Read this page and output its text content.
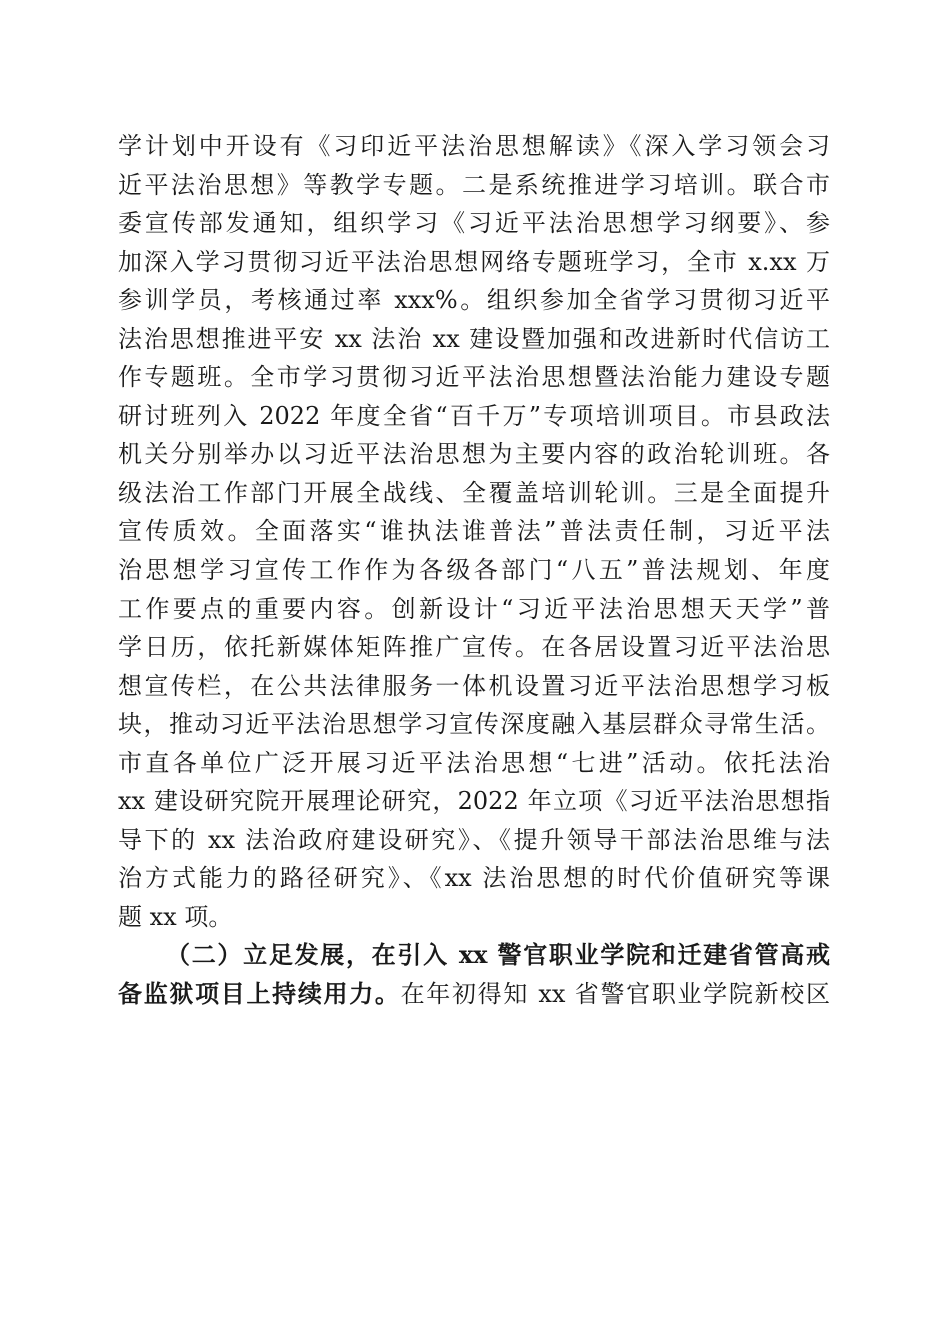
学计划中开设有《习印近平法治思想解读》《深入学习领会习
近平法治思想》等教学专题。二是系统推进学习培训。联合市
委宣传部发通知，组织学习《习近平法治思想学习纲要》、参
加深入学习贯彻习近平法治思想网络专题班学习，全市 x.xx 万
参训学员，考核通过率 xxx%。组织参加全省学习贯彻习近平
法治思想推进平安 xx 法治 xx 建设暨加强和改进新时代信访工
作专题班。全市学习贯彻习近平法治思想暨法治能力建设专题
研讨班列入 2022 年度全省“百千万”专项培训项目。市县政法
机关分别举办以习近平法治思想为主要内容的政治轮训班。各
级法治工作部门开展全战线、全覆盖培训轮训。三是全面提升
宣传质效。全面落实“谁执法谁普法”普法责任制，习近平法
治思想学习宣传工作作为各级各部门“八五”普法规划、年度
工作要点的重要内容。创新设计“习近平法治思想天天学”普
学日历，依托新媒体矩阵推广宣传。在各居设置习近平法治思
想宣传栏，在公共法律服务一体机设置习近平法治思想学习板
块，推动习近平法治思想学习宣传深度融入基层群众寻常生活。
市直各单位广泛开展习近平法治思想“七进”活动。依托法治
xx 建设研究院开展理论研究，2022 年立项《习近平法治思想指
导下的 xx 法治政府建设研究》、《提升领导干部法治思维与法
治方式能力的路径研究》、《xx 法治思想的时代价值研究等课
题 xx 项。
（二）立足发展，在引入 xx 警官职业学院和迁建省管高戒
备监狱项目上持续用力。在年初得知 xx 省警官职业学院新校区
